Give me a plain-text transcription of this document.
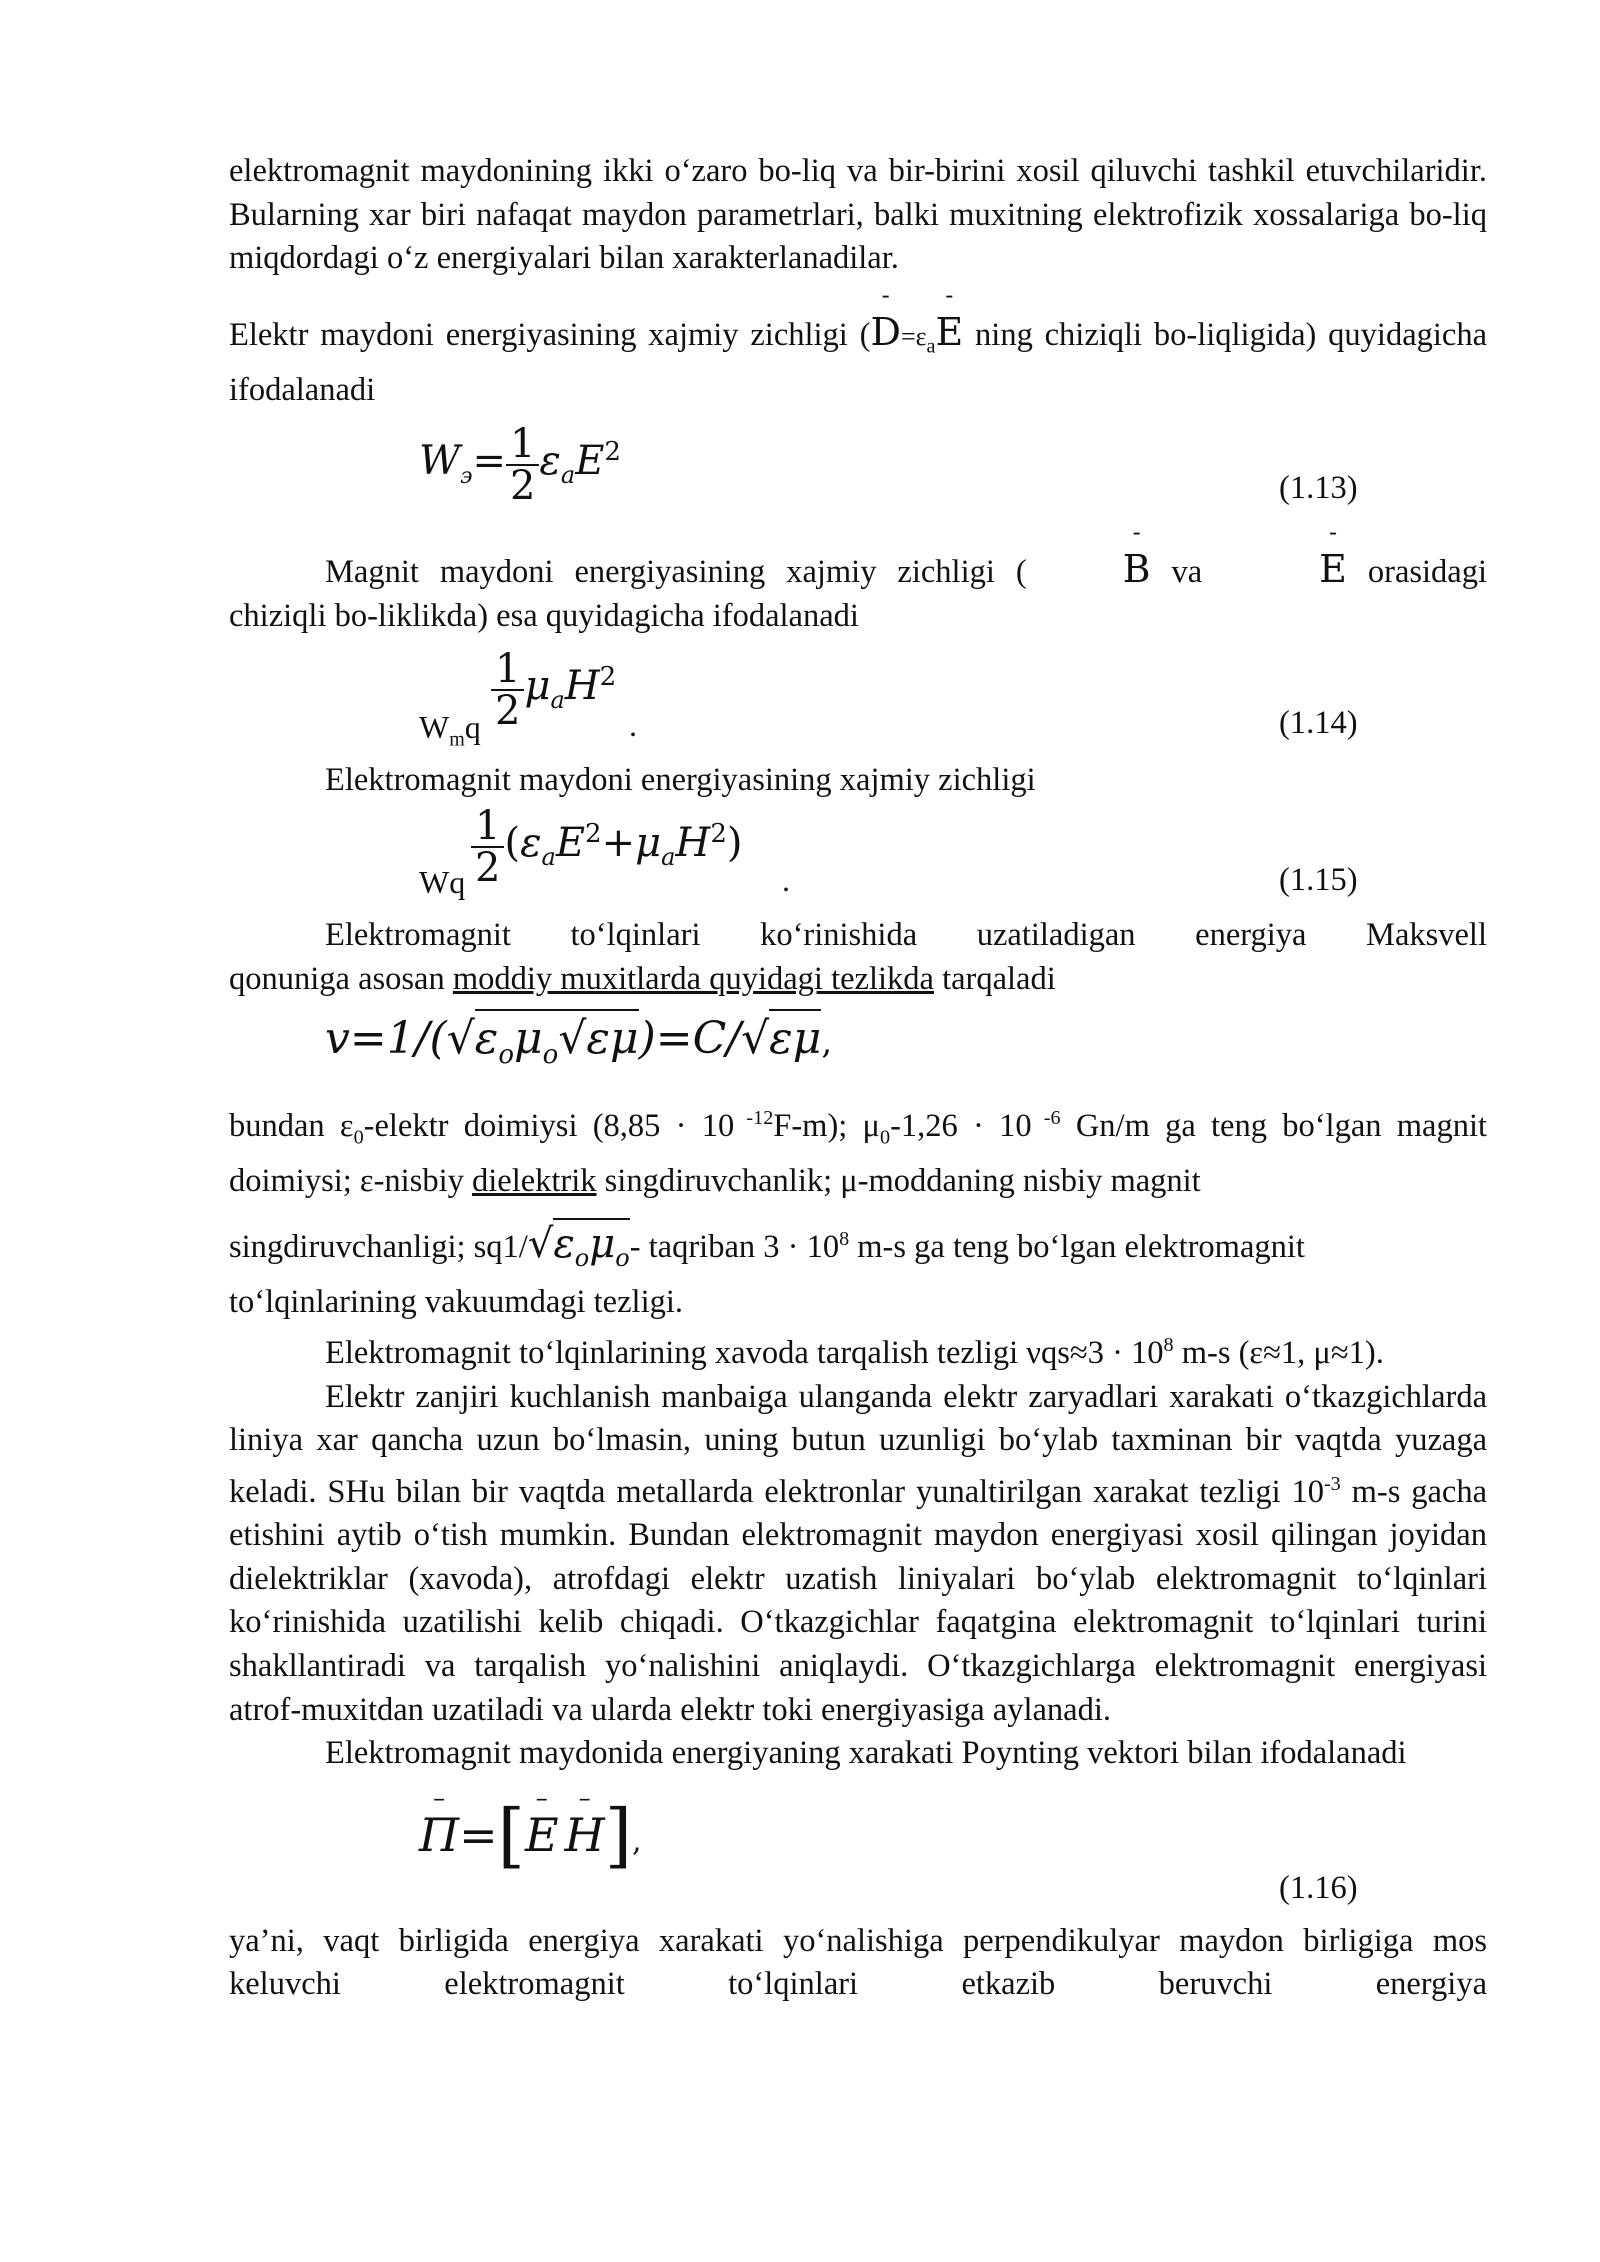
elektromagnit maydonining ikki o‘zaro bo-liq va bir-birini xosil qiluvchi tashkil etuvchilaridir. Bularning xar biri nafaqat maydon parametrlari, balki muxitning elektrofizik xossalariga bo-liq miqdordagi o‘z energiyalari bilan xarakterlanadilar.

Elektr maydoni energiyasining xajmiy zichligi (
-
$D=\varepsilon_a$
-
E ning chiziqli bo-liqligida) quyidagicha ifodalanadi

$W_э= \frac{1}{2} \varepsilon_aE^2$
(1.13)

Magnit maydoni energiyasining xajmiy zichligi (
-
B va
-
E orasidagi chiziqli bo-liklikda) esa quyidagicha ifodalanadi

$W_mq \frac{1}{2} \mu_aH^2$
.	(1.14)

Elektromagnit maydoni energiyasining xajmiy zichligi

Wq $\frac{1}{2} (\varepsilon_aE^2+\mu_aH^2)$
.	(1.15)

Elektromagnit to‘lqinlari ko‘rinishida uzatiladigan energiya Maksvell

qonuniga asosan moddiy muxitlarda quyidagi tezlikda tarqaladi

$v=1/(√\varepsilon_o\mu_o√\varepsilon\mu)=C/√\varepsilon\mu$,

bundan $\varepsilon_0$-elektr doimiysi (8,85 · 10 $^{-12}$F-m); $\mu_0-1,26 \cdot 10$ $^{-6}$ Gn/m ga teng bo‘lgan magnit doimiysi; ε-nisbiy dielektrik singdiruvchanlik; μ-moddaning nisbiy magnit

singdiruvchanligi; $sq1/√\varepsilon_o\mu_o-$ taqriban $3 \cdot 10^8$ m-s ga teng bo‘lgan elektromagnit
to‘lqinlarining vakuumdagi tezligi.

Elektromagnit to‘lqinlarining xavoda tarqalish tezligi $\nu qs\approx 3 \cdot 10^8$ m-s (ε≈1, μ≈1).

Elektr zanjiri kuchlanish manbaiga ulanganda elektr zaryadlari xarakati o‘tkazgichlarda liniya xar qancha uzun bo‘lmasin, uning butun uzunligi bo‘ylab taxminan bir vaqtda yuzaga keladi. SHu bilan bir vaqtda metallarda elektronlar yunaltirilgan xarakat tezligi $10^{-3}$ m-s gacha etishini aytib o‘tish mumkin. Bundan elektromagnit maydon energiyasi xosil qilingan joyidan dielektriklar (xavoda), atrofdagi elektr uzatish liniyalari bo‘ylab elektromagnit to‘lqinlari ko‘rinishida uzatilishi kelib chiqadi. O‘tkazgichlar faqatgina elektromagnit to‘lqinlari turini shakllantiradi va tarqalish yo‘nalishini aniqlaydi. O‘tkazgichlarga elektromagnit energiyasi atrof-muxitdan uzatiladi va ularda elektr toki energiyasiga aylanadi.

Elektromagnit maydonida energiyaning xarakati Poynting vektori bilan ifodalanadi

–
Π=[ –
E
–
H],
(1.16)

ya’ni, vaqt birligida energiya xarakati yo‘nalishiga perpendikulyar maydon birligiga mos keluvchi elektromagnit to‘lqinlari etkazib beruvchi energiya
